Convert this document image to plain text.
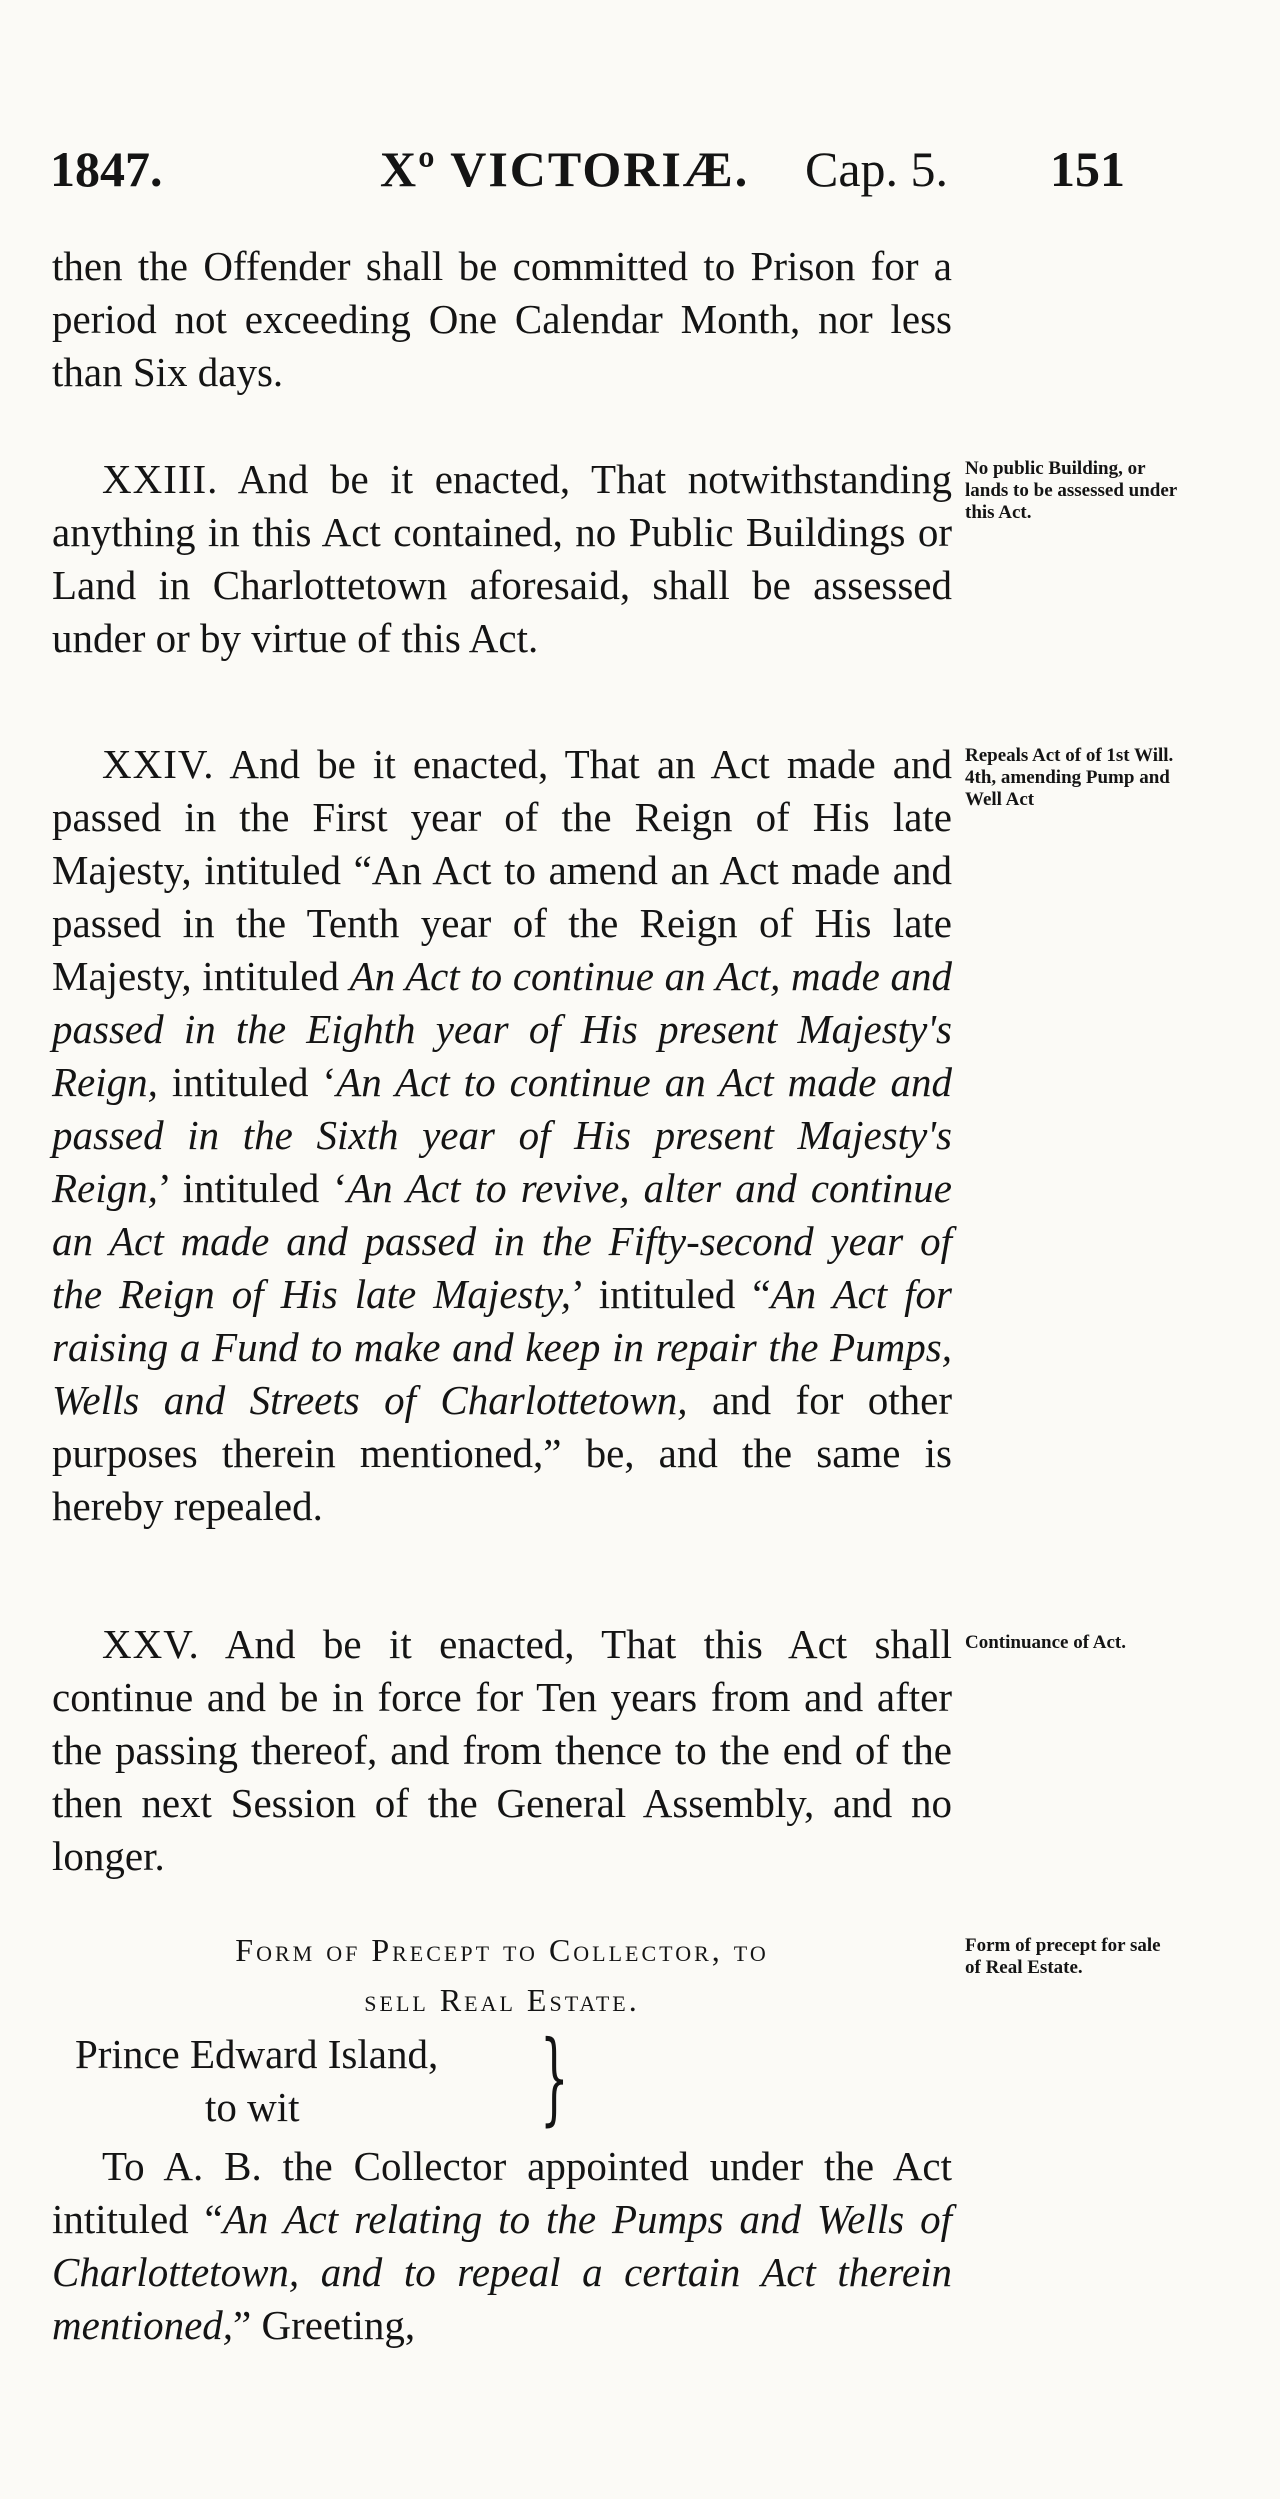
1847.	Xº VICTORIÆ. Cap. 5. 151

then the Offender shall be committed to Prison for a period not exceeding One Calendar Month, nor less than Six days.

XXIII. And be it enacted, That notwithstanding anything in this Act contained, no Public Buildings or Land in Charlottetown aforesaid, shall be assessed under or by virtue of this Act.

No public Building, or lands to be assessed under this Act.

XXIV. And be it enacted, That an Act made and passed in the First year of the Reign of His late Majesty, intituled “An Act to amend an Act made and passed in the Tenth year of the Reign of His late Majesty, intituled An Act to continue an Act, made and passed in the Eighth year of His present Majesty's Reign, intituled ‘An Act to continue an Act made and passed in the Sixth year of His present Majesty's Reign,’ intituled ‘An Act to revive, alter and continue an Act made and passed in the Fifty-second year of the Reign of His late Majesty,’ intituled “An Act for raising a Fund to make and keep in repair the Pumps, Wells and Streets of Charlottetown, and for other purposes therein mentioned,” be, and the same is hereby repealed.

Repeals Act of of 1st Will. 4th, amending Pump and Well Act

XXV. And be it enacted, That this Act shall continue and be in force for Ten years from and after the passing thereof, and from thence to the end of the then next Session of the General Assembly, and no longer.

Continuance of Act.
Form of Precept to Collector, to
sell Real Estate.
Form of precept for sale of Real Estate.
Prince Edward Island,
to wit	}

To A. B. the Collector appointed under the Act intituled “An Act relating to the Pumps and Wells of Charlottetown, and to repeal a certain Act therein mentioned,” Greeting,
